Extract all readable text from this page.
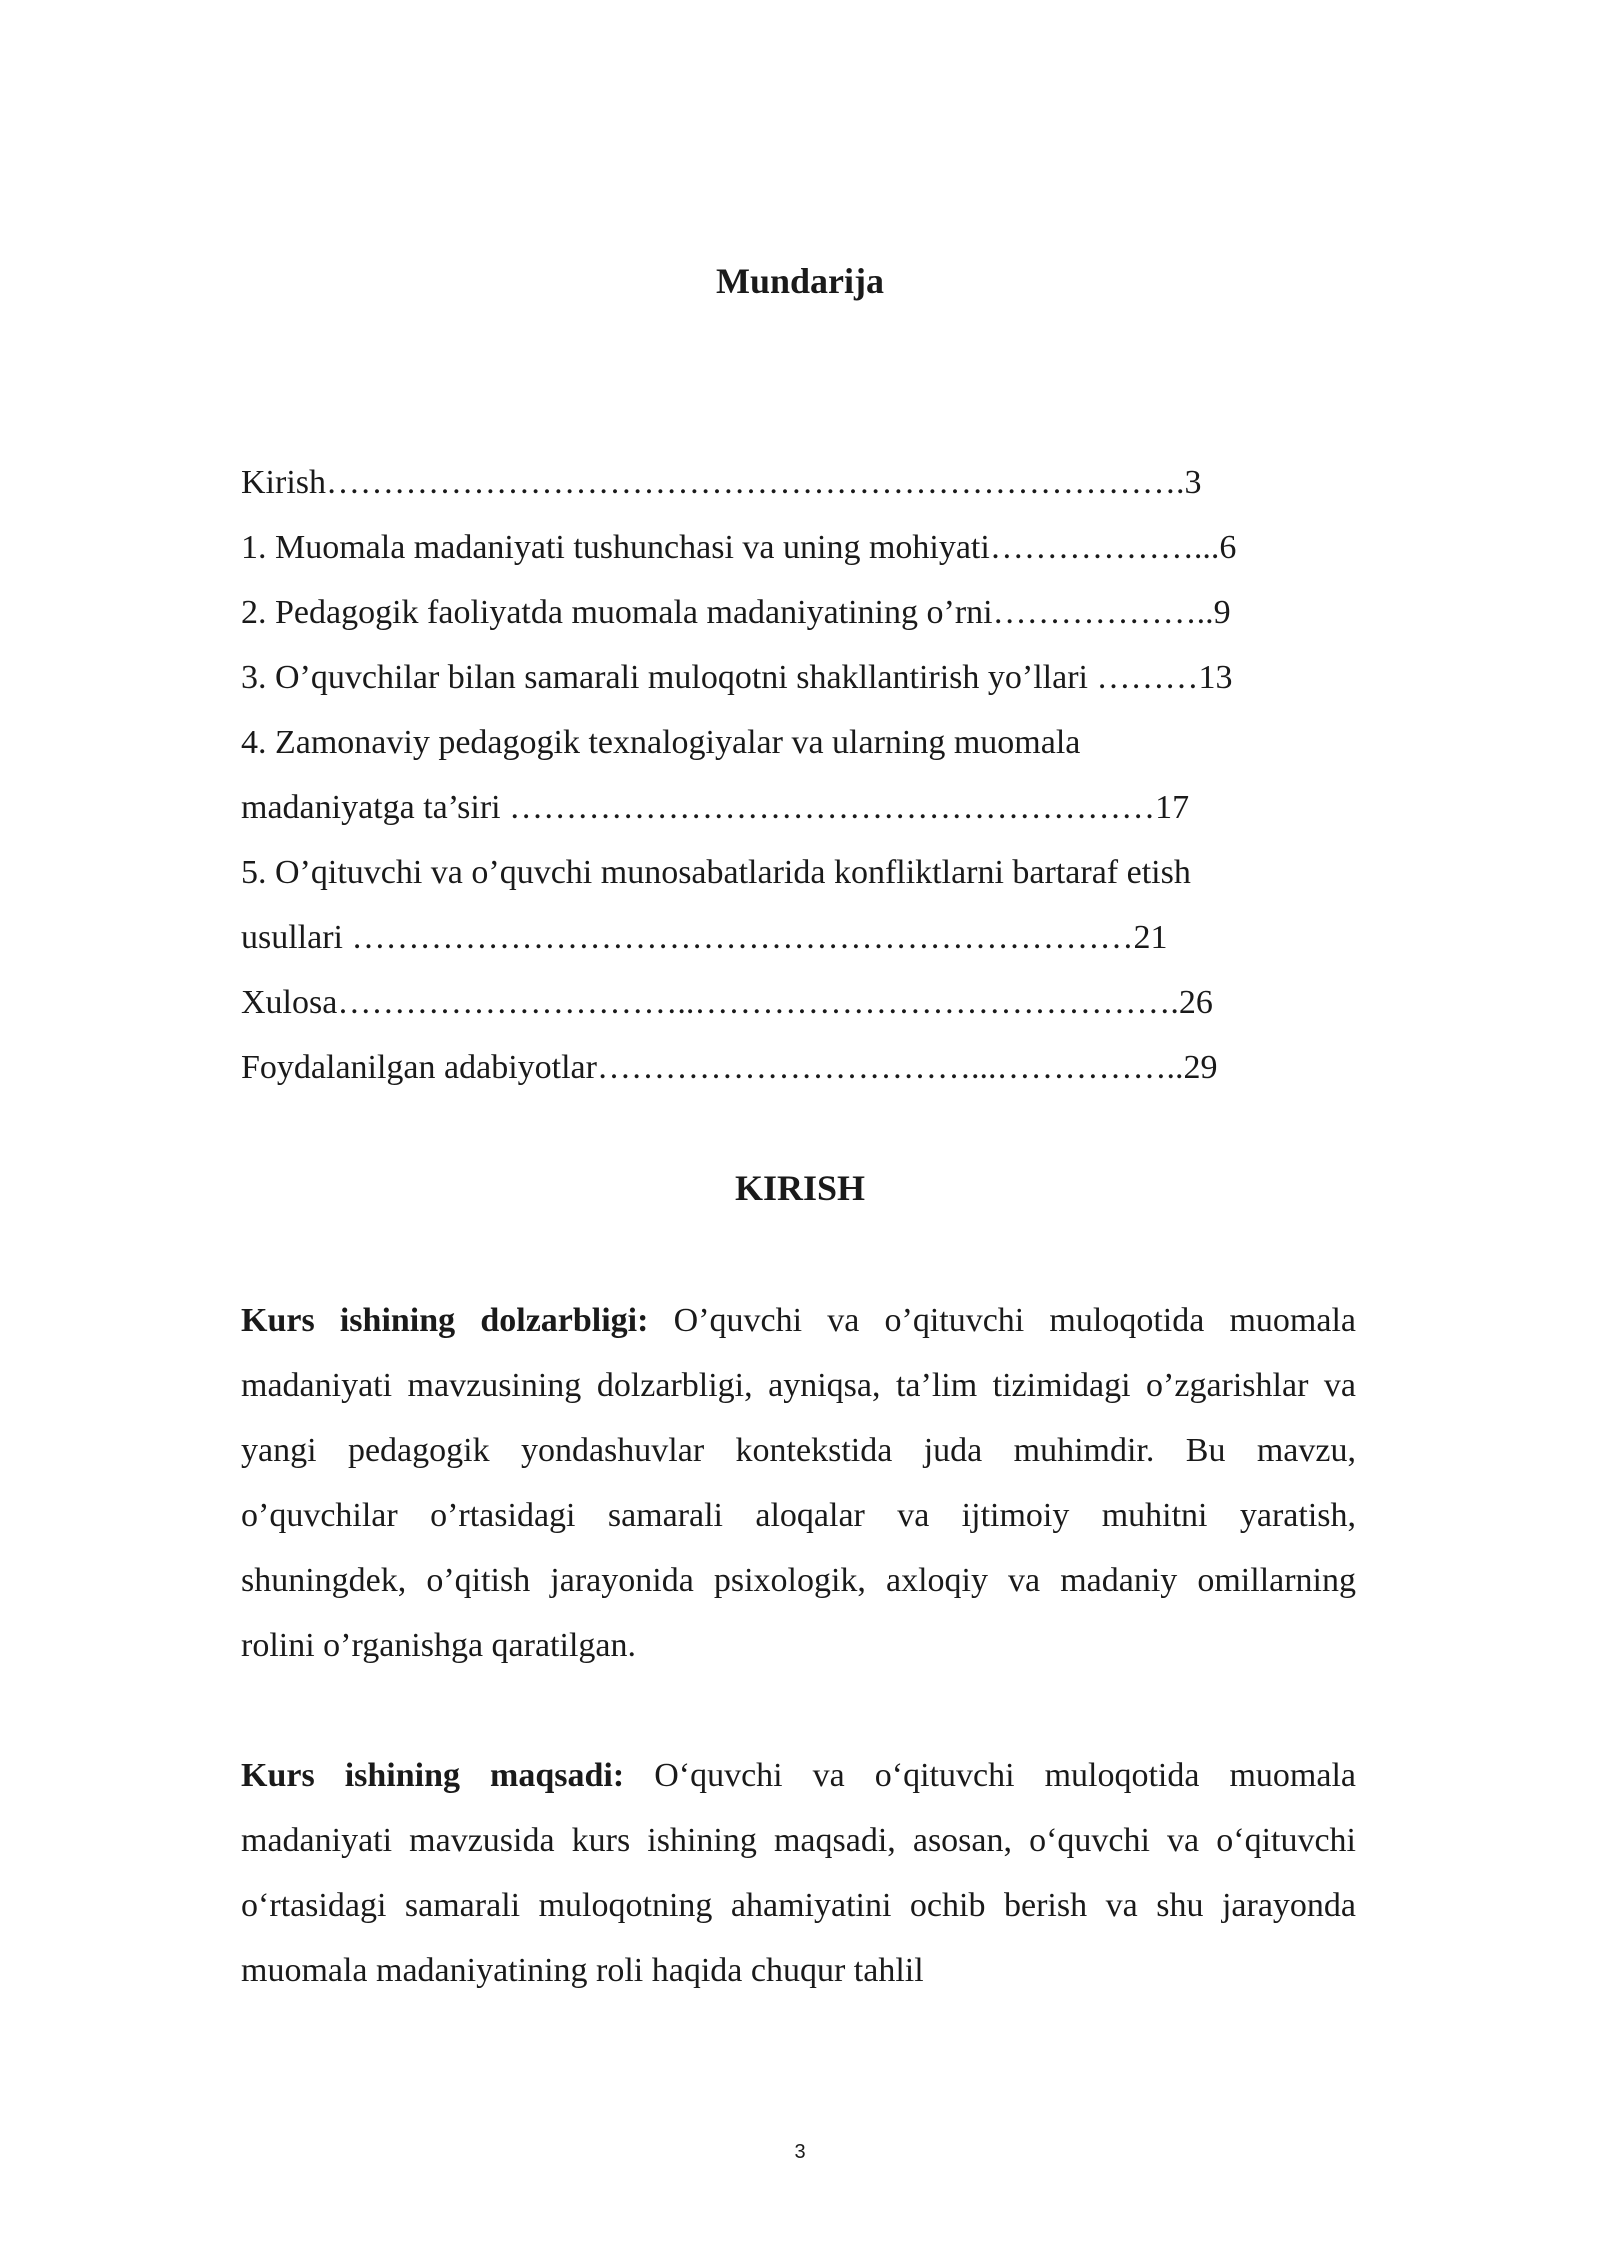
Mundarija
Kirish………………………………………………………………….3
1. Muomala madaniyati tushunchasi va uning mohiyati………………...6
2. Pedagogik faoliyatda muomala madaniyatining o’rni………………..9
3. O’quvchilar bilan samarali muloqotni shakllantirish yo’llari ………13
4. Zamonaviy pedagogik texnalogiyalar va ularning muomala
madaniyatga ta’siri …………………………………………………17
5. O’qituvchi va o’quvchi munosabatlarida konfliktlarni bartaraf etish
usullari ……………………………………………………………21
Xulosa…………………………..…………………………………….26
Foydalanilgan adabiyotlar……………………………...……………..29
KIRISH

Kurs ishining dolzarbligi: O’quvchi va o’qituvchi muloqotida muomala madaniyati mavzusining dolzarbligi, ayniqsa, ta’lim tizimidagi o’zgarishlar va yangi pedagogik yondashuvlar kontekstida juda muhimdir. Bu mavzu, o’quvchilar o’rtasidagi samarali aloqalar va ijtimoiy muhitni yaratish, shuningdek, o’qitish jarayonida psixologik, axloqiy va madaniy omillarning rolini o’rganishga qaratilgan.

Kurs ishining maqsadi: O‘quvchi va o‘qituvchi muloqotida muomala madaniyati mavzusida kurs ishining maqsadi, asosan, o‘quvchi va o‘qituvchi o‘rtasidagi samarali muloqotning ahamiyatini ochib berish va shu jarayonda muomala madaniyatining roli haqida chuqur tahlil

3
